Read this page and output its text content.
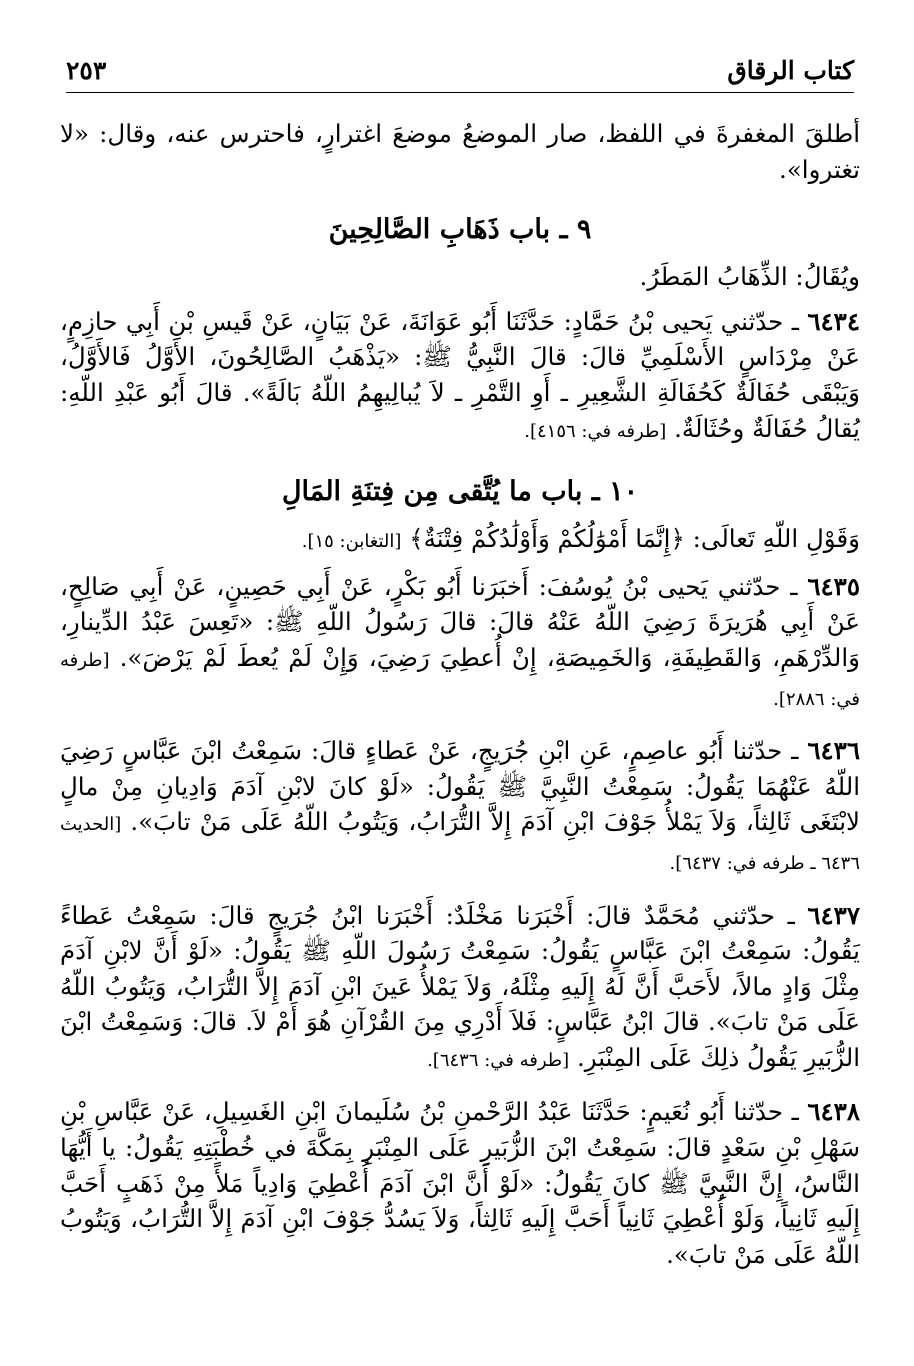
كتاب الرقاق
٢٥٣

أطلقَ المغفرةَ في اللفظ، صار الموضعُ موضعَ اغترارٍ، فاحترس عنه، وقال: «لا تغتروا».

٩ ـ باب ذَهَابِ الصَّالِحِينَ

ويُقَالُ: الذِّهَابُ المَطَرُ.

٦٤٣٤ ـ حدّثني يَحيى بْنُ حَمَّادٍ: حَدَّثَنَا أَبُو عَوَانَةَ، عَنْ بَيَانٍ، عَنْ قَيسِ بْنِ أَبِي حازِمٍ، عَنْ مِرْدَاسٍ الأَسْلَمِيِّ قالَ: قالَ النَّبِيُّ ﷺ: «يَذْهَبُ الصَّالِحُونَ، الأَوَّلُ فَالأَوَّلُ، وَيَبْقَى حُفَالَةٌ كَحُفَالَةِ الشَّعِيرِ ـ أَوِ التَّمْرِ ـ لاَ يُبالِيهِمُ اللّهُ بَالَةً». قالَ أَبُو عَبْدِ اللّهِ: يُقالُ حُفَالَةٌ وحُثَالَةٌ. [طرفه في: ٤١٥٦].

١٠ ـ باب ما يُتَّقى مِن فِتنَةِ المَالِ

وَقَوْلِ اللّهِ تَعالَى: ﴿إِنَّمَا أَمْوَٰلُكُمْ وَأَوْلَٰدُكُمْ فِتْنَةٌ﴾ [التغابن: ١٥].

٦٤٣٥ ـ حدّثني يَحيى بْنُ يُوسُفَ: أَخبَرَنا أَبُو بَكْرٍ، عَنْ أَبِي حَصِينٍ، عَنْ أَبِي صَالِحٍ، عَنْ أَبِي هُرَيرَةَ رَضِيَ اللّهُ عَنْهُ قالَ: قالَ رَسُولُ اللّهِ ﷺ: «تَعِسَ عَبْدُ الدِّينارِ، وَالدِّرْهَمِ، وَالقَطِيفَةِ، وَالخَمِيصَةِ، إِنْ أُعطِيَ رَضِيَ، وَإِنْ لَمْ يُعطَ لَمْ يَرْضَ». [طرفه في: ٢٨٨٦].

٦٤٣٦ ـ حدّثنا أَبُو عاصِمٍ، عَنِ ابْنِ جُرَيجٍ، عَنْ عَطاءٍ قالَ: سَمِعْتُ ابْنَ عَبَّاسٍ رَضِيَ اللّهُ عَنْهُمَا يَقُولُ: سَمِعْتُ النَّبِيَّ ﷺ يَقُولُ: «لَوْ كانَ لابْنِ آدَمَ وَادِيانِ مِنْ مالٍ لابْتَغَى ثَالِثاً، وَلاَ يَمْلأُ جَوْفَ ابْنِ آدَمَ إِلاَّ التُّرَابُ، وَيَتُوبُ اللّهُ عَلَى مَنْ تابَ». [الحديث ٦٤٣٦ ـ طرفه في: ٦٤٣٧].

٦٤٣٧ ـ حدّثني مُحَمَّدٌ قالَ: أَخْبَرَنا مَخْلَدٌ: أَخْبَرَنا ابْنُ جُرَيجٍ قالَ: سَمِعْتُ عَطاءً يَقُولُ: سَمِعْتُ ابْنَ عَبَّاسٍ يَقُولُ: سَمِعْتُ رَسُولَ اللّهِ ﷺ يَقُولُ: «لَوْ أَنَّ لابْنِ آدَمَ مِثْلَ وَادٍ مالاً، لأَحَبَّ أَنَّ لَهُ إِلَيهِ مِثْلَهُ، وَلاَ يَمْلأُ عَينَ ابْنِ آدَمَ إِلاَّ التُّرَابُ، وَيَتُوبُ اللّهُ عَلَى مَنْ تابَ». قالَ ابْنُ عَبَّاسٍ: فَلاَ أَدْرِي مِنَ القُرْآنِ هُوَ أَمْ لاَ. قالَ: وَسَمِعْتُ ابْنَ الزُّبَيرِ يَقُولُ ذلِكَ عَلَى المِنْبَرِ. [طرفه في: ٦٤٣٦].

٦٤٣٨ ـ حدّثنا أَبُو نُعَيمٍ: حَدَّثَنَا عَبْدُ الرَّحْمنِ بْنُ سُلَيمانَ ابْنِ الغَسِيلِ، عَنْ عَبَّاسِ بْنِ سَهْلِ بْنِ سَعْدٍ قالَ: سَمِعْتُ ابْنَ الزُّبَيرِ عَلَى المِنْبَرِ بِمَكَّةَ في خُطْبَتِهِ يَقُولُ: يا أَيُّهَا النَّاسُ، إِنَّ النَّبِيَّ ﷺ كانَ يَقُولُ: «لَوْ أَنَّ ابْنَ آدَمَ أُعْطِيَ وَادِياً مَلأً مِنْ ذَهَبٍ أَحَبَّ إِلَيهِ ثَانِياً، وَلَوْ أُعْطِيَ ثَانِياً أَحَبَّ إِلَيهِ ثَالِثاً، وَلاَ يَسُدُّ جَوْفَ ابْنِ آدَمَ إِلاَّ التُّرَابُ، وَيَتُوبُ اللّهُ عَلَى مَنْ تابَ».
